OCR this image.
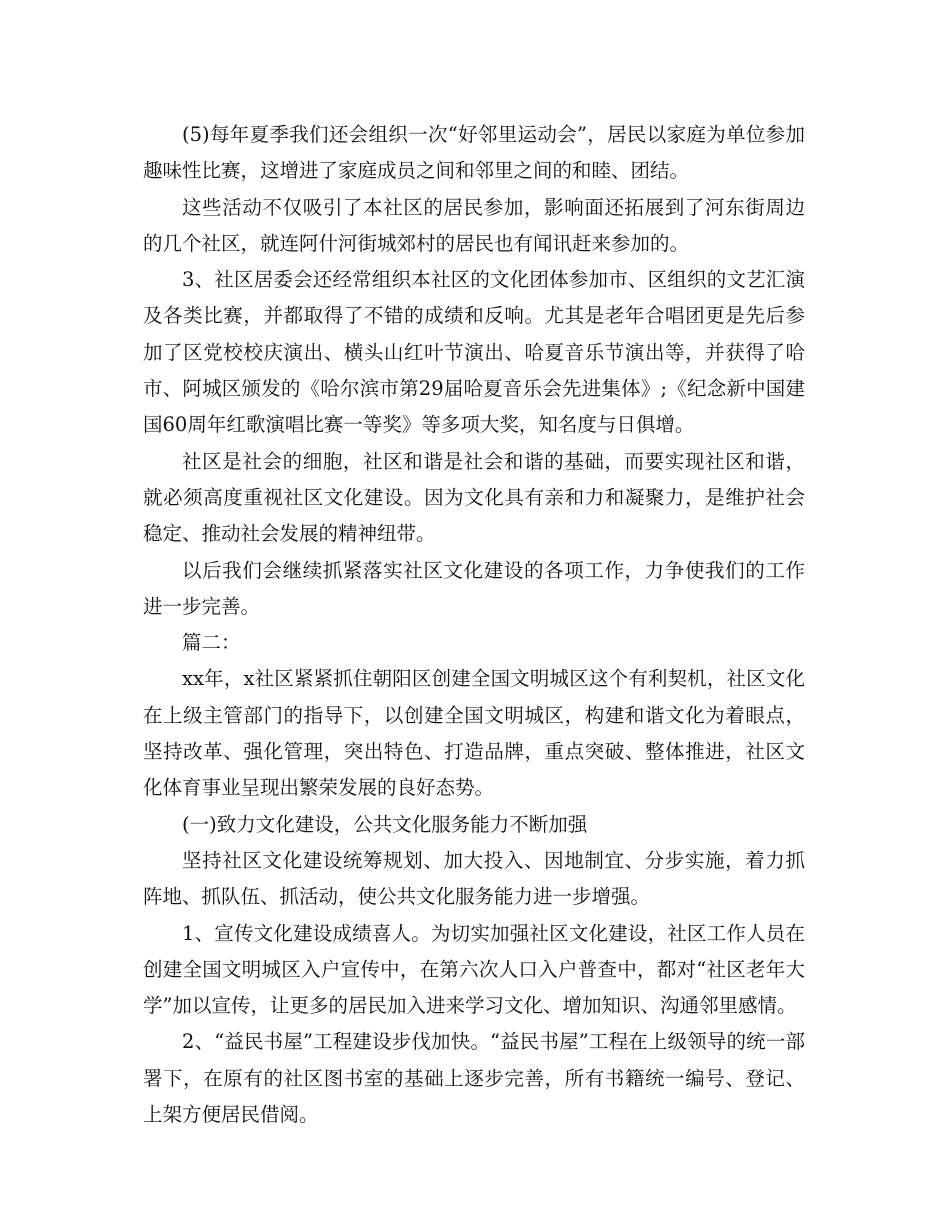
(5)每年夏季我们还会组织一次“好邻里运动会”，居民以家庭为单位参加趣味性比赛，这增进了家庭成员之间和邻里之间的和睦、团结。

这些活动不仅吸引了本社区的居民参加，影响面还拓展到了河东街周边的几个社区，就连阿什河街城郊村的居民也有闻讯赶来参加的。

3、社区居委会还经常组织本社区的文化团体参加市、区组织的文艺汇演及各类比赛，并都取得了不错的成绩和反响。尤其是老年合唱团更是先后参加了区党校校庆演出、横头山红叶节演出、哈夏音乐节演出等，并获得了哈市、阿城区颁发的《哈尔滨市第29届哈夏音乐会先进集体》;《纪念新中国建国60周年红歌演唱比赛一等奖》等多项大奖，知名度与日俱增。

社区是社会的细胞，社区和谐是社会和谐的基础，而要实现社区和谐，就必须高度重视社区文化建设。因为文化具有亲和力和凝聚力，是维护社会稳定、推动社会发展的精神纽带。

以后我们会继续抓紧落实社区文化建设的各项工作，力争使我们的工作进一步完善。

篇二：

xx年，x社区紧紧抓住朝阳区创建全国文明城区这个有利契机，社区文化在上级主管部门的指导下，以创建全国文明城区，构建和谐文化为着眼点，坚持改革、强化管理，突出特色、打造品牌，重点突破、整体推进，社区文化体育事业呈现出繁荣发展的良好态势。

(一)致力文化建设，公共文化服务能力不断加强

坚持社区文化建设统筹规划、加大投入、因地制宜、分步实施，着力抓阵地、抓队伍、抓活动，使公共文化服务能力进一步增强。

1、宣传文化建设成绩喜人。为切实加强社区文化建设，社区工作人员在创建全国文明城区入户宣传中，在第六次人口入户普查中，都对“社区老年大学”加以宣传，让更多的居民加入进来学习文化、增加知识、沟通邻里感情。

2、“益民书屋”工程建设步伐加快。“益民书屋”工程在上级领导的统一部署下，在原有的社区图书室的基础上逐步完善，所有书籍统一编号、登记、上架方便居民借阅。
